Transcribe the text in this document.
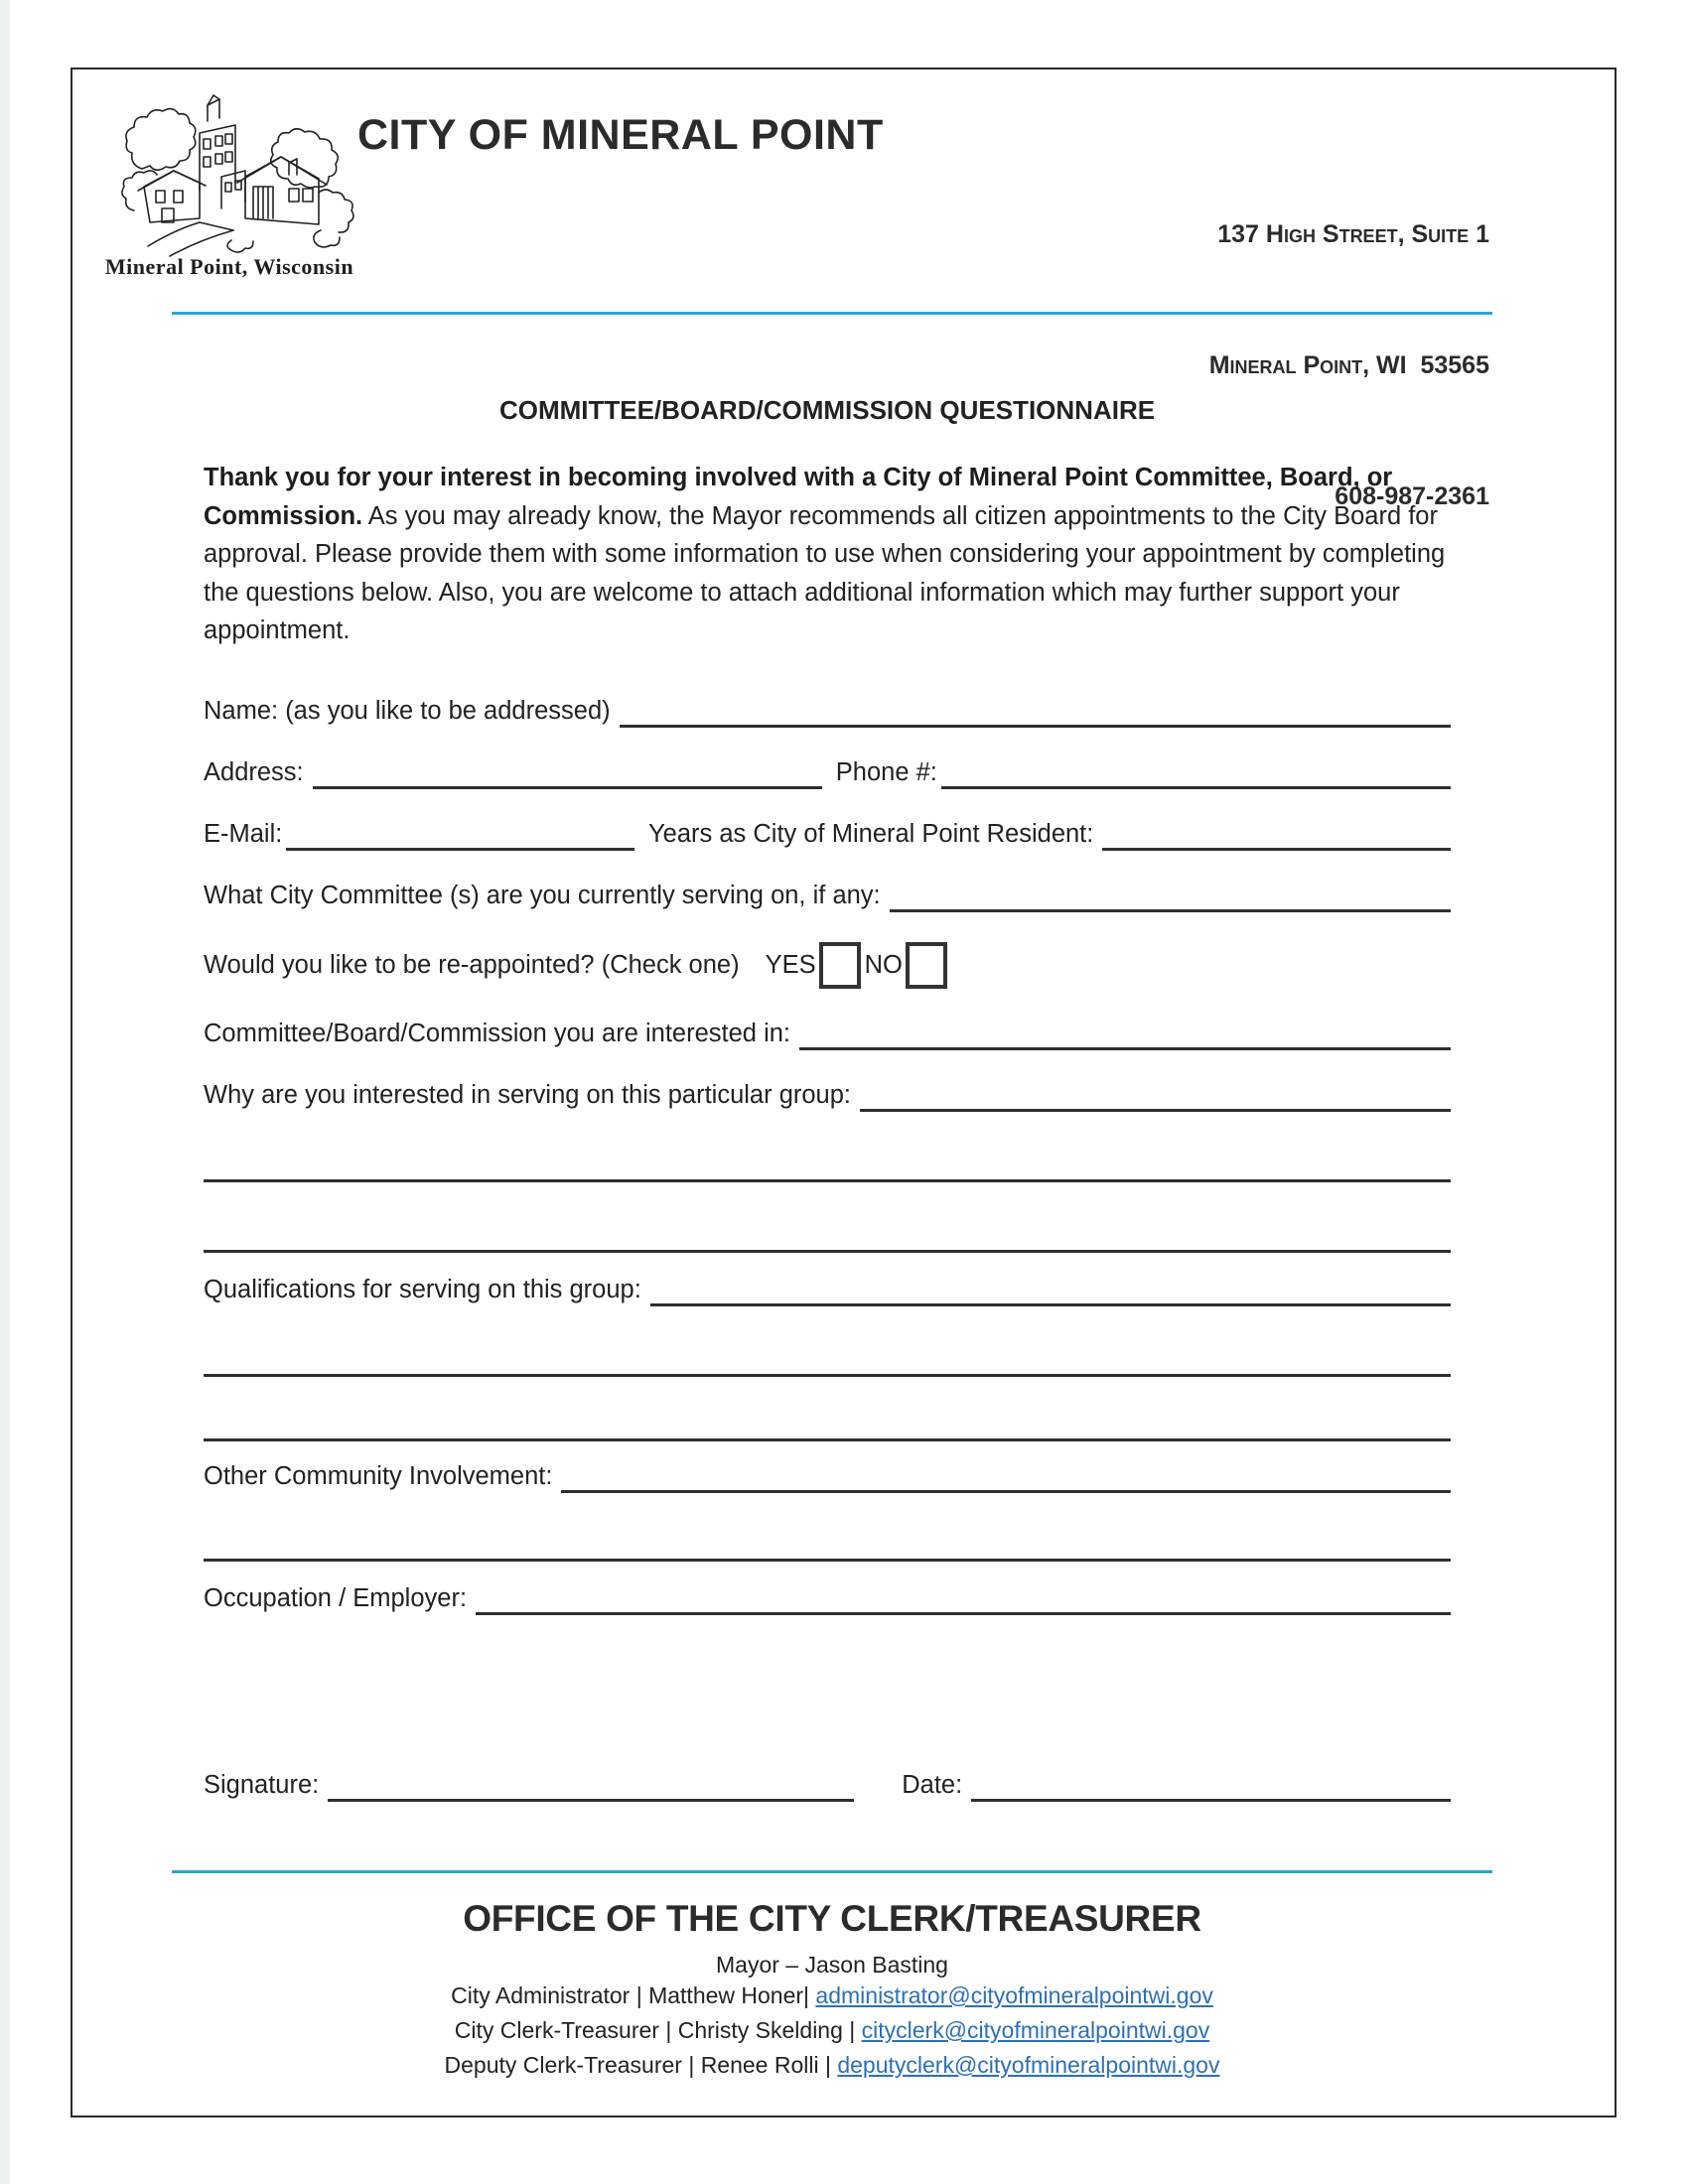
Mineral Point, Wisconsin
CITY OF MINERAL POINT

137 High Street, Suite 1

Mineral Point, WI  53565

608-987-2361

COMMITTEE/BOARD/COMMISSION QUESTIONNAIRE
Thank you for your interest in becoming involved with a City of Mineral Point Committee, Board, or Commission. As you may already know, the Mayor recommends all citizen appointments to the City Board for approval. Please provide them with some information to use when considering your appointment by completing the questions below. Also, you are welcome to attach additional information which may further support your appointment.
Name: (as you like to be addressed)
Address:	Phone #:
E-Mail:	Years as City of Mineral Point Resident:
What City Committee (s) are you currently serving on, if any:
Would you like to be re-appointed? (Check one) YES NO
Committee/Board/Commission you are interested in:
Why are you interested in serving on this particular group:
Qualifications for serving on this group:
Other Community Involvement:
Occupation / Employer:
Signature:	Date:
OFFICE OF THE CITY CLERK/TREASURER
Mayor – Jason Basting
City Administrator | Matthew Honer| administrator@cityofmineralpointwi.gov
City Clerk-Treasurer | Christy Skelding | cityclerk@cityofmineralpointwi.gov
Deputy Clerk-Treasurer | Renee Rolli | deputyclerk@cityofmineralpointwi.gov
